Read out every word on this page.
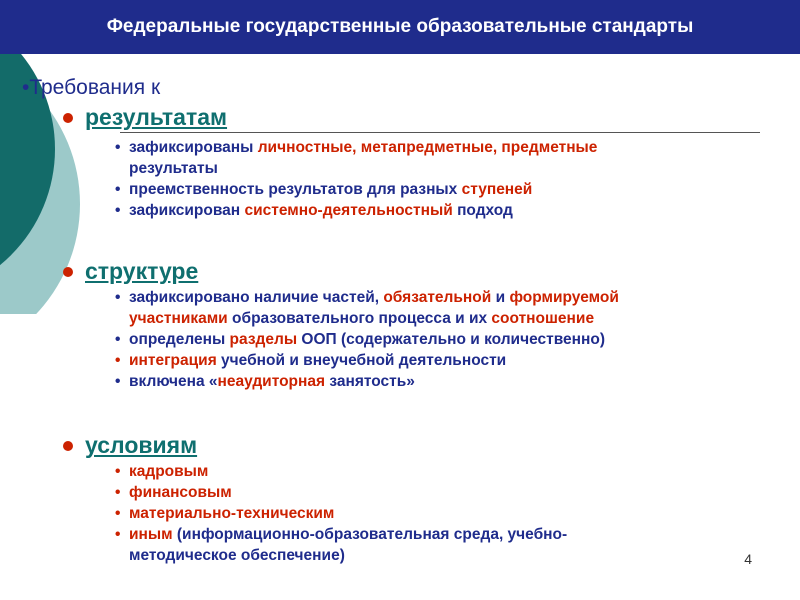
Федеральные государственные образовательные стандарты
•Требования к
результатам
• зафиксированы личностные, метапредметные, предметные
результаты
• преемственность результатов для разных ступеней
• зафиксирован системно-деятельностный подход
структуре
• зафиксировано наличие частей, обязательной и формируемой
участниками образовательного процесса и их соотношение
• определены разделы ООП (содержательно и количественно)
• интеграция учебной и внеучебной деятельности
• включена «неаудиторная занятость»
условиям
• кадровым
• финансовым
• материально-техническим
• иным (информационно-образовательная среда, учебно-
методическое обеспечение)	4
